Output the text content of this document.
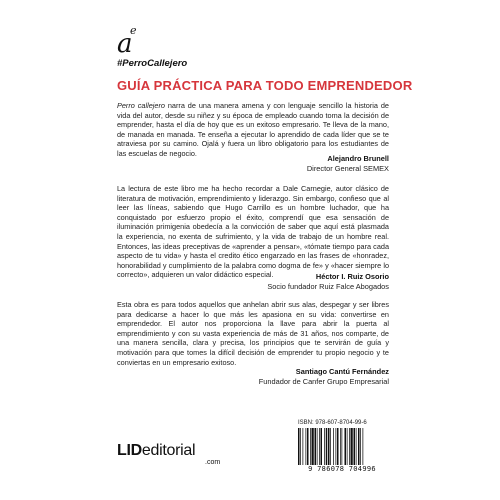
a
e
#PerroCallejero
GUÍA PRÁCTICA PARA TODO EMPRENDEDOR

Perro callejero narra de una manera amena y con lenguaje sencillo la historia de vida del autor, desde su niñez y su época de empleado cuando toma la decisión de emprender, hasta el día de hoy que es un exitoso empresario. Te lleva de la mano, de manada en manada. Te enseña a ejecutar lo aprendido de cada líder que se te atraviesa por su camino. Ojalá y fuera un libro obligatorio para los estudiantes de las escuelas de negocio.

Alejandro Brunell
Director General SEMEX

La lectura de este libro me ha hecho recordar a Dale Carnegie, autor clásico de literatura de motivación, emprendimiento y liderazgo. Sin embargo, confieso que al leer las líneas, sabiendo que Hugo Carrillo es un hombre luchador, que ha conquistado por esfuerzo propio el éxito, comprendí que esa sensación de iluminación primigenia obedecía a la convicción de saber que aquí está plasmada la experiencia, no exenta de sufrimiento, y la vida de trabajo de un hombre real. Entonces, las ideas preceptivas de «aprender a pensar», «tómate tiempo para cada aspecto de tu vida» y hasta el credito ético engarzado en las frases de «honradez, honorabilidad y cumplimiento de la palabra como dogma de fe» y «hacer siempre lo correcto», adquieren un valor didáctico especial.	Héctor I. Ruiz Osorio
Socio fundador Ruiz Falce Abogados

Esta obra es para todos aquellos que anhelan abrir sus alas, despegar y ser libres para dedicarse a hacer lo que más les apasiona en su vida: convertirse en emprendedor. El autor nos proporciona la llave para abrir la puerta al emprendimiento y con su vasta experiencia de más de 31 años, nos comparte, de una manera sencilla, clara y precisa, los principios que te servirán de guía y motivación para que tomes la difícil decisión de emprender tu propio negocio y te conviertas en un empresario exitoso.

Santiago Cantú Fernández
Fundador de Canfer Grupo Empresarial
LIDeditorial
.com
ISBN: 978-607-8704-99-6
9 786078 704996
